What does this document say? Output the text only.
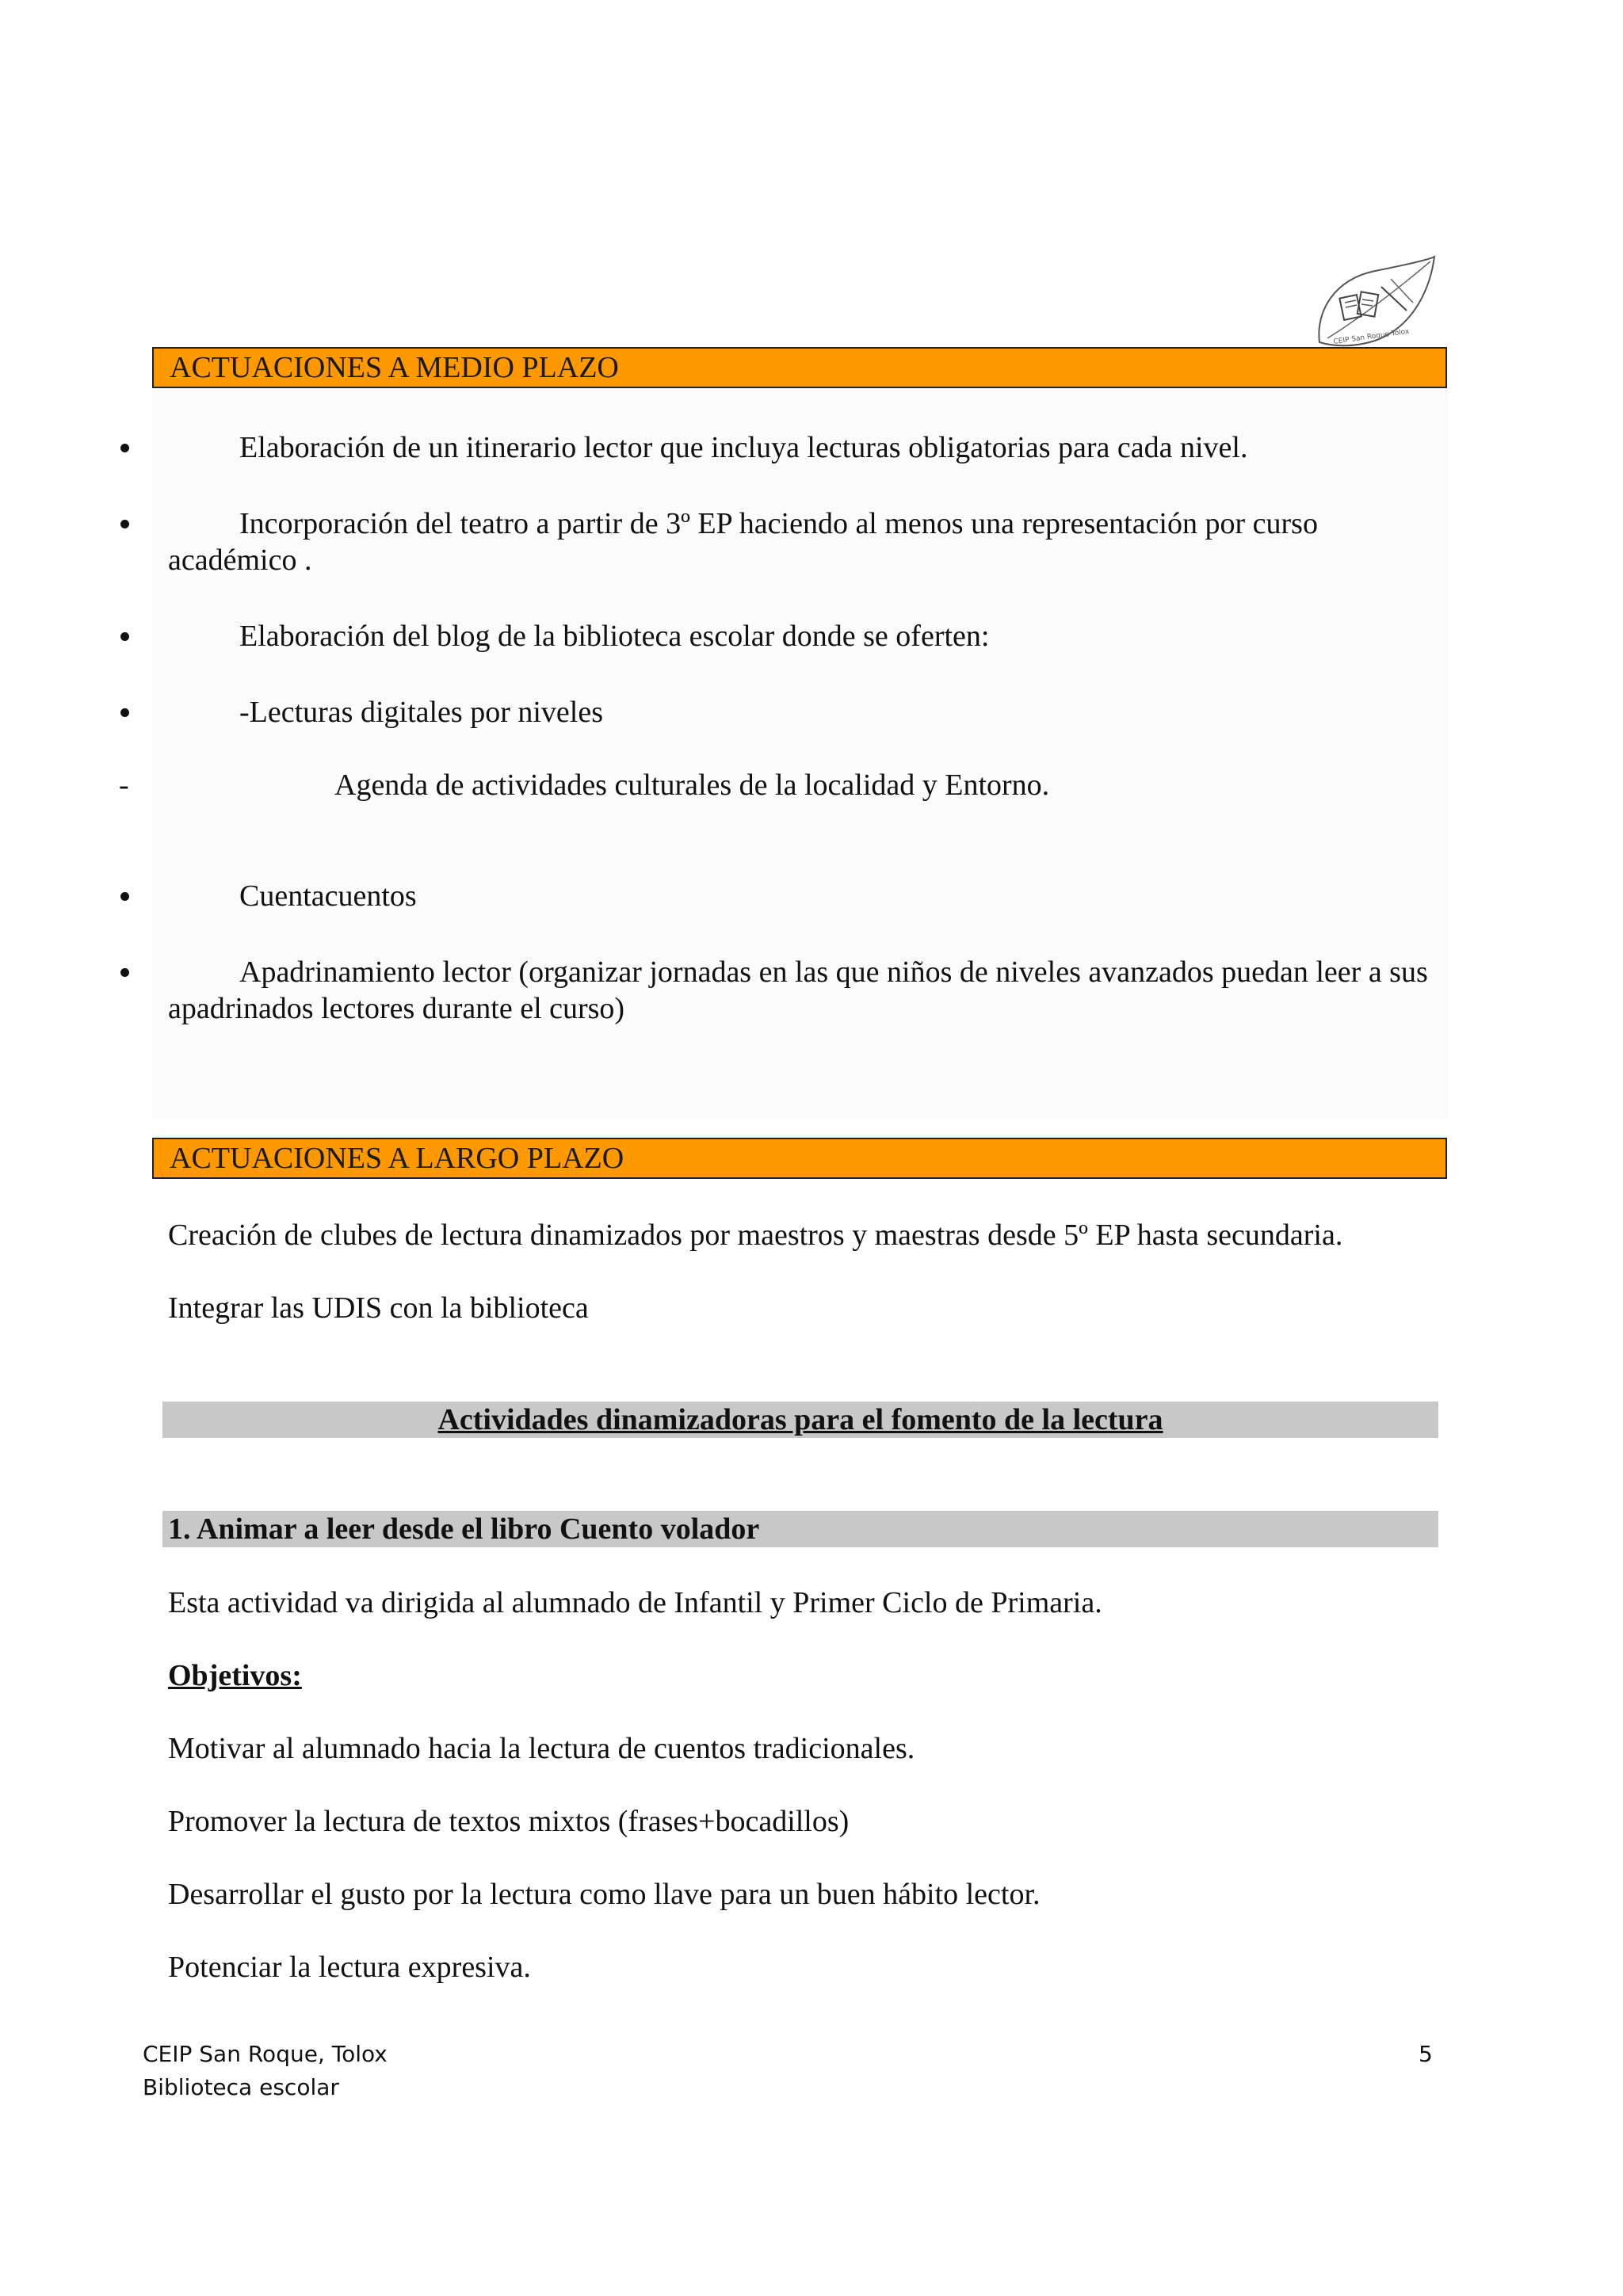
CEIP San Roque Tolox
ACTUACIONES A MEDIO PLAZO
Elaboración de un itinerario lector que incluya lecturas obligatorias para cada nivel.
Incorporación del teatro a partir de 3º EP haciendo al menos una representación por curso académico .
Elaboración del blog de la biblioteca escolar donde se oferten:
-Lecturas digitales por niveles
-	Agenda de actividades culturales de la localidad y Entorno.
Cuentacuentos
Apadrinamiento lector (organizar jornadas en las que niños de niveles avanzados puedan leer a sus apadrinados lectores durante el curso)
ACTUACIONES A LARGO PLAZO
Creación de clubes de lectura dinamizados por maestros y maestras desde 5º EP hasta secundaria.
Integrar las UDIS con la biblioteca
Actividades dinamizadoras para el fomento de la lectura
1. Animar a leer desde el libro Cuento volador
Esta actividad va dirigida al alumnado de Infantil y Primer Ciclo de Primaria.
Objetivos:
Motivar al alumnado hacia la lectura de cuentos tradicionales.
Promover la lectura de textos mixtos (frases+bocadillos)
Desarrollar el gusto por la lectura como llave para un buen hábito lector.
Potenciar la lectura expresiva.
CEIP San Roque, Tolox
Biblioteca escolar
5
